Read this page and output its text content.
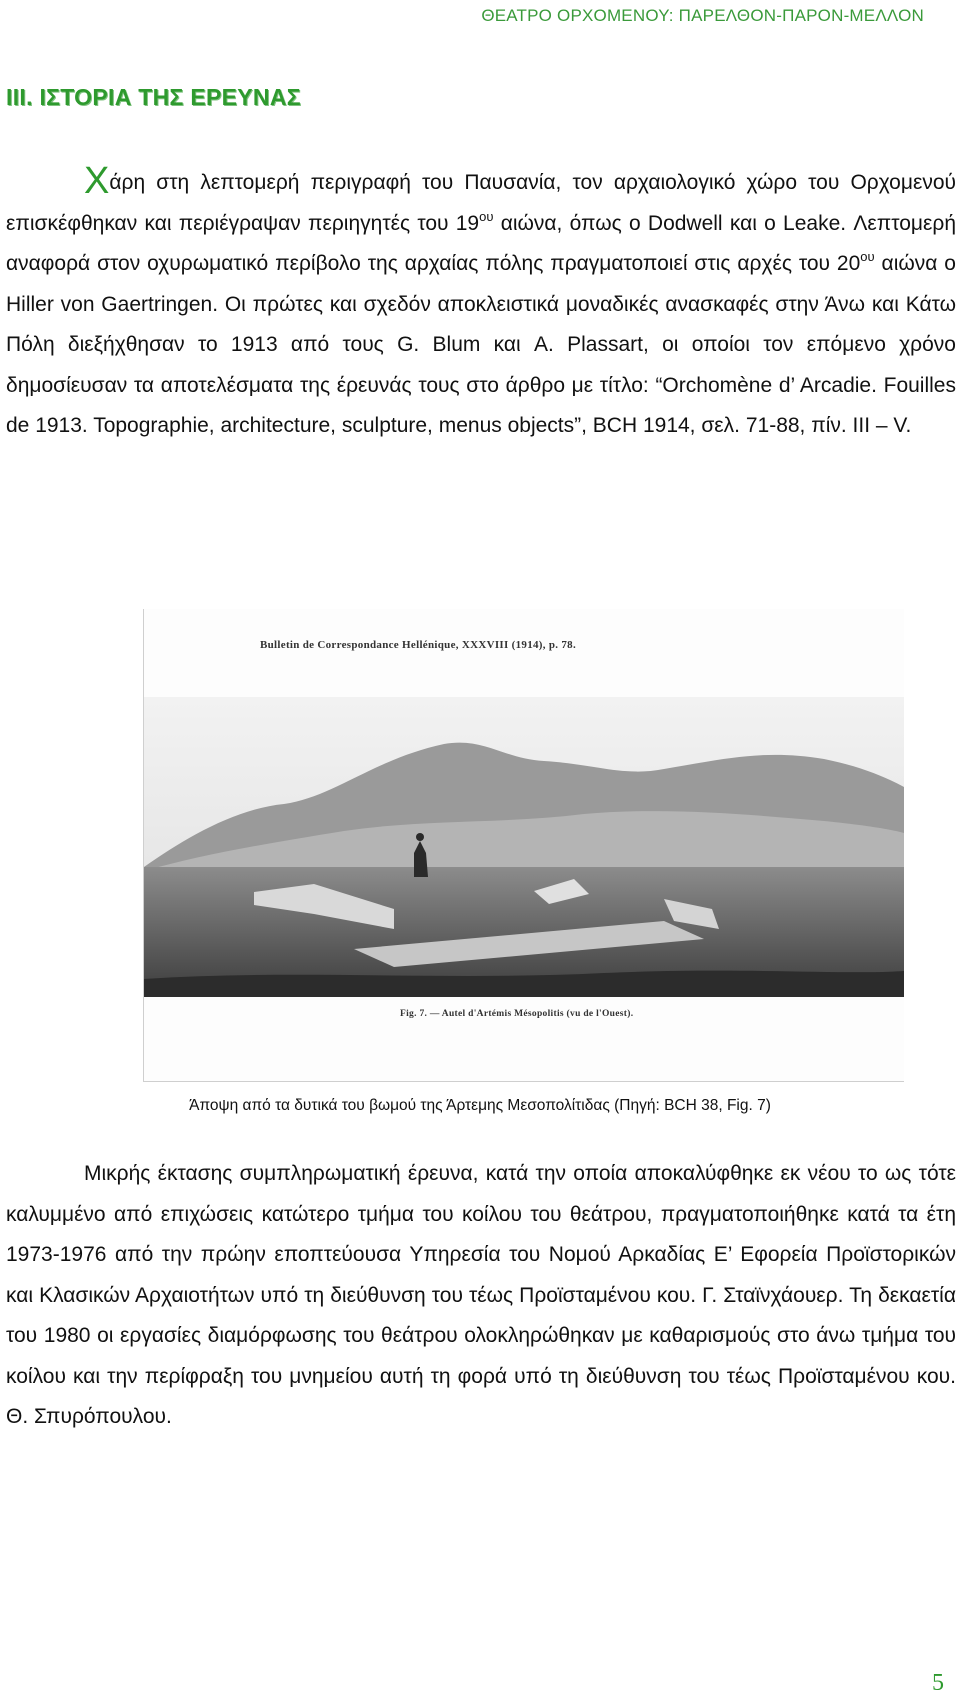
ΘΕΑΤΡΟ ΟΡΧΟΜΕΝΟΥ: ΠΑΡΕΛΘΟΝ-ΠΑΡΟΝ-ΜΕΛΛΟΝ
III. ΙΣΤΟΡΙΑ ΤΗΣ ΕΡΕΥΝΑΣ
Χάρη στη λεπτομερή περιγραφή του Παυσανία, τον αρχαιολογικό χώρο του Ορχομενού επισκέφθηκαν και περιέγραψαν περιηγητές του $19^{o\upsilon}$ αιώνα, όπως ο Dodwell και ο Leake. Λεπτομερή αναφορά στον οχυρωματικό περίβολο της αρχαίας πόλης πραγματοποιεί στις αρχές του $20^{o\upsilon}$ αιώνα ο Hiller von Gaertringen. Οι πρώτες και σχεδόν αποκλειστικά μοναδικές ανασκαφές στην Άνω και Κάτω Πόλη διεξήχθησαν το 1913 από τους G. Blum και A. Plassart, οι οποίοι τον επόμενο χρόνο δημοσίευσαν τα αποτελέσματα της έρευνάς τους στο άρθρο με τίτλο: “Orchomène d’ Arcadie. Fouilles de 1913. Topographie, architecture, sculpture, menus objects”, BCH 1914, σελ. 71-88, πίν. III – V.
Bulletin de Correspondance Hellénique, XXXVIII (1914), p. 78.
Fig. 7. — Autel d'Artémis Mésopolitis (vu de l'Ouest).
Άποψη από τα δυτικά του βωμού της Άρτεμης Μεσοπολίτιδας (Πηγή: BCH 38, Fig. 7)
Μικρής έκτασης συμπληρωματική έρευνα, κατά την οποία αποκαλύφθηκε εκ νέου το ως τότε καλυμμένο από επιχώσεις κατώτερο τμήμα του κοίλου του θεάτρου, πραγματοποιήθηκε κατά τα έτη 1973-1976 από την πρώην εποπτεύουσα Υπηρεσία του Νομού Αρκαδίας Ε’ Εφορεία Προϊστορικών και Κλασικών Αρχαιοτήτων υπό τη διεύθυνση του τέως Προϊσταμένου κου. Γ. Σταϊνχάουερ. Τη δεκαετία του 1980 οι εργασίες διαμόρφωσης του θεάτρου ολοκληρώθηκαν με καθαρισμούς στο άνω τμήμα του κοίλου και την περίφραξη του μνημείου αυτή τη φορά υπό τη διεύθυνση του τέως Προϊσταμένου κου. Θ. Σπυρόπουλου.
5
